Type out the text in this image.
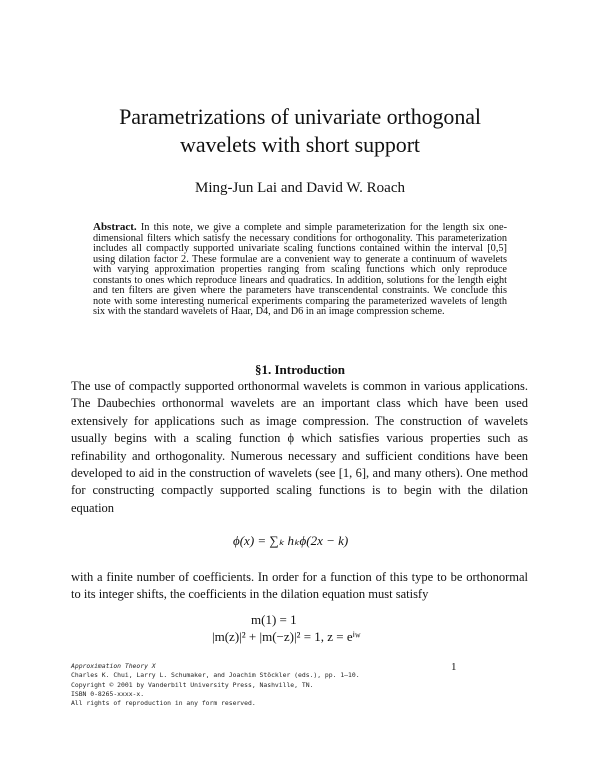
Parametrizations of univariate orthogonal
wavelets with short support
Ming-Jun Lai and David W. Roach
Abstract. In this note, we give a complete and simple parameterization for the length six one-dimensional filters which satisfy the necessary conditions for orthogonality. This parameterization includes all compactly supported univariate scaling functions contained within the interval [0,5] using dilation factor 2. These formulae are a convenient way to generate a continuum of wavelets with varying approximation properties ranging from scaling functions which only reproduce constants to ones which reproduce linears and quadratics. In addition, solutions for the length eight and ten filters are given where the parameters have transcendental constraints. We conclude this note with some interesting numerical experiments comparing the parameterized wavelets of length six with the standard wavelets of Haar, D4, and D6 in an image compression scheme.
§1. Introduction
The use of compactly supported orthonormal wavelets is common in various applications. The Daubechies orthonormal wavelets are an important class which have been used extensively for applications such as image compression. The construction of wavelets usually begins with a scaling function ϕ which satisfies various properties such as refinability and orthogonality. Numerous necessary and sufficient conditions have been developed to aid in the construction of wavelets (see [1, 6], and many others). One method for constructing compactly supported scaling functions is to begin with the dilation equation
ϕ(x) = ∑ₖ hₖϕ(2x − k)
with a finite number of coefficients. In order for a function of this type to be orthonormal to its integer shifts, the coefficients in the dilation equation must satisfy
m(1) = 1
|m(z)|² + |m(−z)|² = 1, z = eⁱʷ
Approximation Theory X
Charles K. Chui, Larry L. Schumaker, and Joachim Stöckler (eds.), pp. 1–10.
Copyright © 2001 by Vanderbilt University Press, Nashville, TN.
ISBN 0-8265-xxxx-x.
All rights of reproduction in any form reserved.
1
